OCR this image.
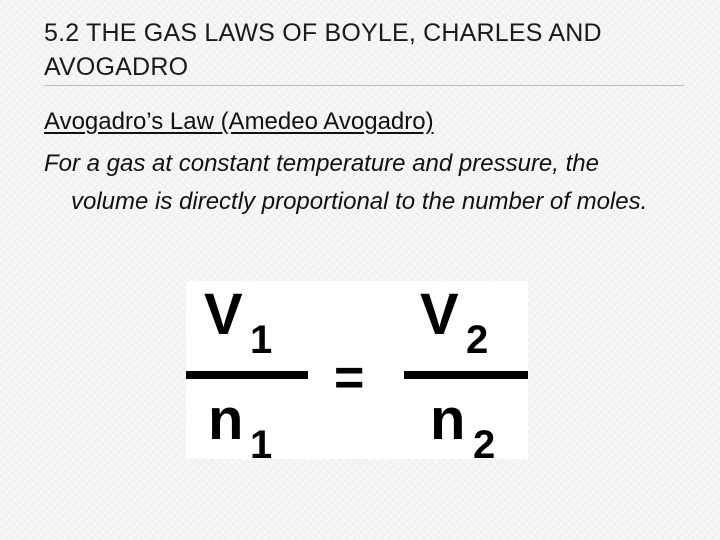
5.2 THE GAS LAWS OF BOYLE, CHARLES AND
AVOGADRO
Avogadro’s Law (Amedeo Avogadro)
For a gas at constant temperature and pressure, the volume is directly proportional to the number of moles.
V 1
n 1
=
V 2
n 2
